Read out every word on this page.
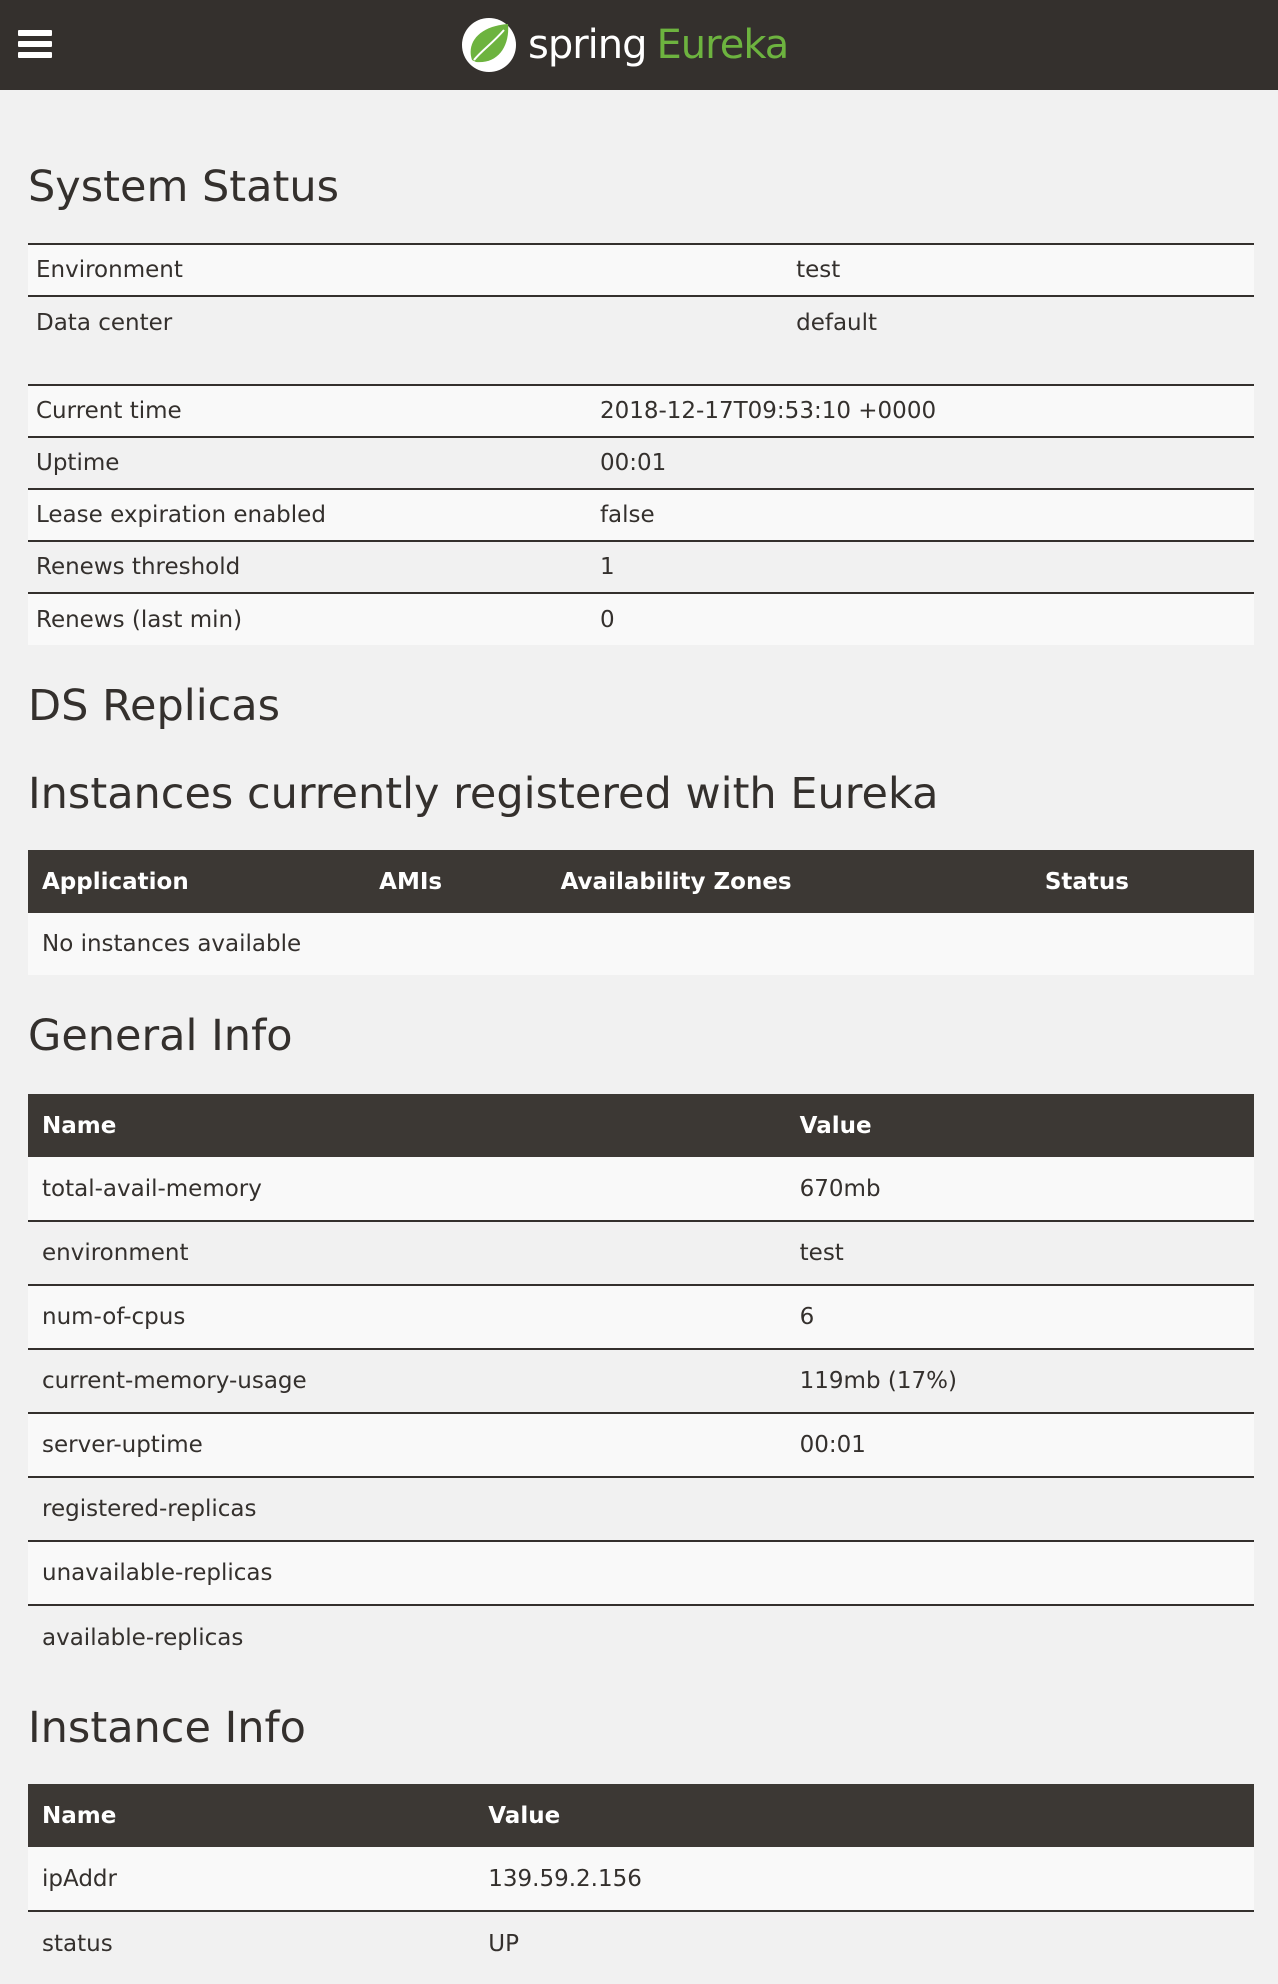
spring Eureka
System Status
Environment	test
Data center	default
Current time	2018-12-17T09:53:10 +0000
Uptime	00:01
Lease expiration enabled	false
Renews threshold	1
Renews (last min)	0
DS Replicas
Instances currently registered with Eureka
Application	AMIs	Availability Zones	Status
No instances available
General Info
Name	Value
total-avail-memory	670mb
environment	test
num-of-cpus	6
current-memory-usage	119mb (17%)
server-uptime	00:01
registered-replicas	
unavailable-replicas	
available-replicas	
Instance Info
Name	Value
ipAddr	139.59.2.156
status	UP
